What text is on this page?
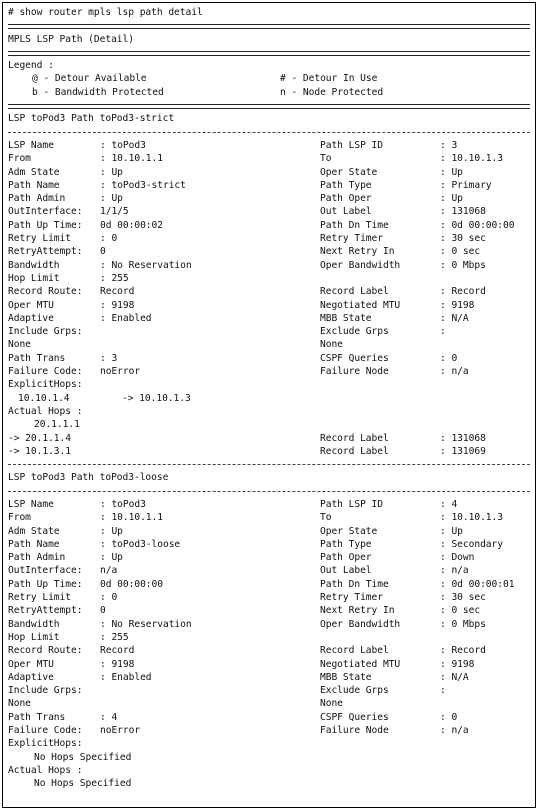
# show router mpls lsp path detail
MPLS LSP Path (Detail)
Legend :
@ - Detour Available	# - Detour In Use
b - Bandwidth Protected	n - Node Protected
LSP toPod3 Path toPod3-strict
LSP Name	: toPod3	Path LSP ID	: 3
From	: 10.10.1.1	To	: 10.10.1.3
Adm State	: Up	Oper State	: Up
Path Name	: toPod3-strict	Path Type	: Primary
Path Admin	: Up	Path Oper	: Up
OutInterface: 1/1/5	Out Label	: 131068
Path Up Time: 0d 00:00:02	Path Dn Time	: 0d 00:00:00
Retry Limit	: 0	Retry Timer	: 30 sec
RetryAttempt: 0	Next Retry In	: 0 sec
Bandwidth	: No Reservation	Oper Bandwidth	: 0 Mbps
Hop Limit	: 255
Record Route: Record	Record Label	: Record
Oper MTU	: 9198	Negotiated MTU	: 9198
Adaptive	: Enabled	MBB State	: N/A
Include Grps:	Exclude Grps	:
None	None
Path Trans	: 3	CSPF Queries	: 0
Failure Code: noError	Failure Node	: n/a
ExplicitHops:
10.10.1.4	-> 10.10.1.3
Actual Hops :
20.1.1.1
-> 20.1.1.4	Record Label	: 131068
-> 10.1.3.1	Record Label	: 131069
LSP toPod3 Path toPod3-loose
LSP Name	: toPod3	Path LSP ID	: 4
From	: 10.10.1.1	To	: 10.10.1.3
Adm State	: Up	Oper State	: Up
Path Name	: toPod3-loose	Path Type	: Secondary
Path Admin	: Up	Path Oper	: Down
OutInterface: n/a	Out Label	: n/a
Path Up Time: 0d 00:00:00	Path Dn Time	: 0d 00:00:01
Retry Limit	: 0	Retry Timer	: 30 sec
RetryAttempt: 0	Next Retry In	: 0 sec
Bandwidth	: No Reservation	Oper Bandwidth	: 0 Mbps
Hop Limit	: 255
Record Route: Record	Record Label	: Record
Oper MTU	: 9198	Negotiated MTU	: 9198
Adaptive	: Enabled	MBB State	: N/A
Include Grps:	Exclude Grps	:
None	None
Path Trans	: 4	CSPF Queries	: 0
Failure Code: noError	Failure Node	: n/a
ExplicitHops:
No Hops Specified
Actual Hops :
No Hops Specified
